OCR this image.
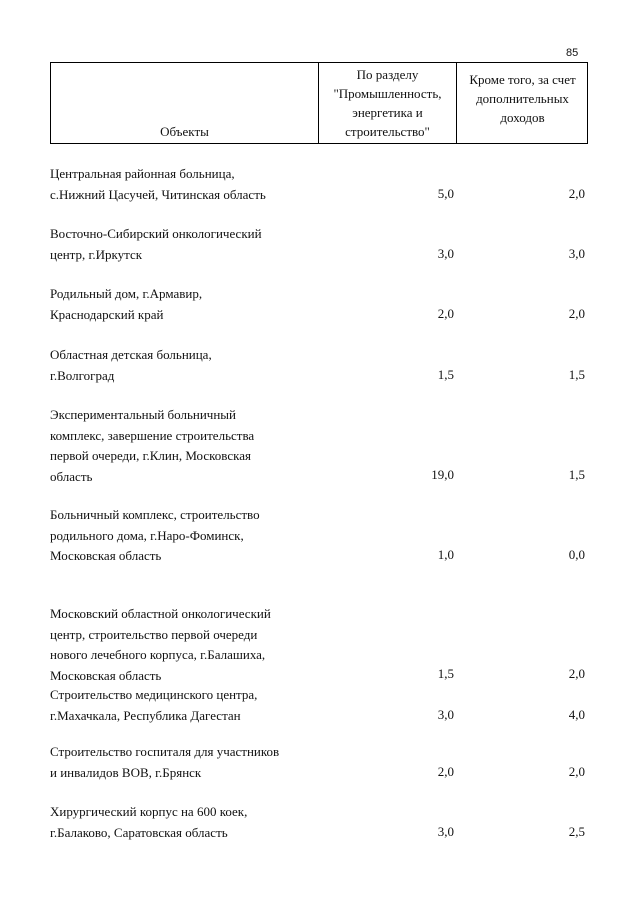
85
Объекты
По разделу
"Промышленность,
энергетика и
строительство"
Кроме того, за счет
дополнительных
доходов
Центральная районная больница,
с.Нижний Цасучей, Читинская область	5,0	2,0
Восточно-Сибирский онкологический
центр, г.Иркутск	3,0	3,0
Родильный дом, г.Армавир,
Краснодарский край	2,0	2,0
Областная детская больница,
г.Волгоград	1,5	1,5
Экспериментальный больничный
комплекс, завершение строительства
первой очереди, г.Клин, Московская
область	19,0	1,5
Больничный комплекс, строительство
родильного дома, г.Наро-Фоминск,
Московская область	1,0	0,0
Московский областной онкологический
центр, строительство первой очереди
нового лечебного корпуса, г.Балашиха,
Московская область	1,5	2,0
Строительство медицинского центра,
г.Махачкала, Республика Дагестан	3,0	4,0
Строительство госпиталя для участников
и инвалидов ВОВ, г.Брянск	2,0	2,0
Хирургический корпус на 600 коек,
г.Балаково, Саратовская область	3,0	2,5
